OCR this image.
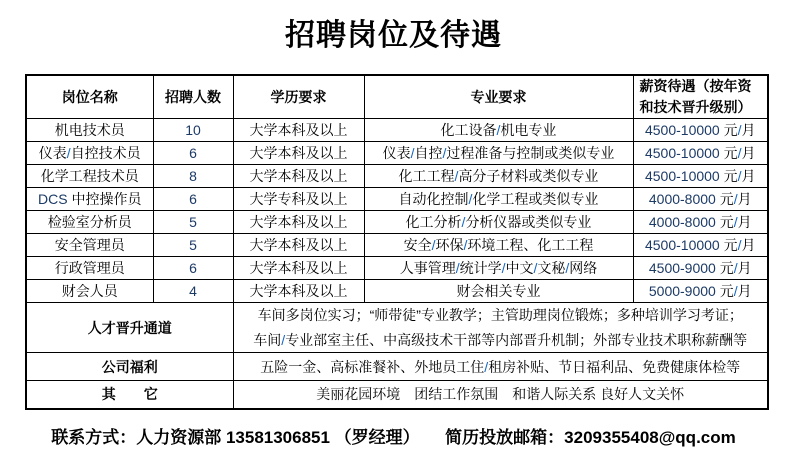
招聘岗位及待遇
岗位名称	招聘人数	学历要求	专业要求	薪资待遇（按年资和技术晋升级别）
机电技术员	10	大学本科及以上	化工设备/机电专业	4500-10000 元/月
仪表/自控技术员	6	大学本科及以上	仪表/自控/过程准备与控制或类似专业	4500-10000 元/月
化学工程技术员	8	大学本科及以上	化工工程/高分子材料或类似专业	4500-10000 元/月
DCS 中控操作员	6	大学专科及以上	自动化控制/化学工程或类似专业	4000-8000 元/月
检验室分析员	5	大学本科及以上	化工分析/分析仪器或类似专业	4000-8000 元/月
安全管理员	5	大学本科及以上	安全/环保/环境工程、化工工程	4500-10000 元/月
行政管理员	6	大学本科及以上	人事管理/统计学/中文/文秘/网络	4500-9000 元/月
财会人员	4	大学本科及以上	财会相关专业	5000-9000 元/月
人才晋升通道		车间多岗位实习；“师带徒”专业教学；主管助理岗位锻炼；多种培训学习考证；
车间/专业部室主任、中高级技术干部等内部晋升机制；外部专业技术职称薪酬等		

公司福利		五险一金、高标准餐补、外地员工住/租房补贴、节日福利品、免费健康体检等		
其　　它		美丽花园环境　团结工作氛围　和谐人际关系 良好人文关怀		
联系方式：人力资源部 13581306851 （罗经理）　　简历投放邮箱：3209355408@qq.com
